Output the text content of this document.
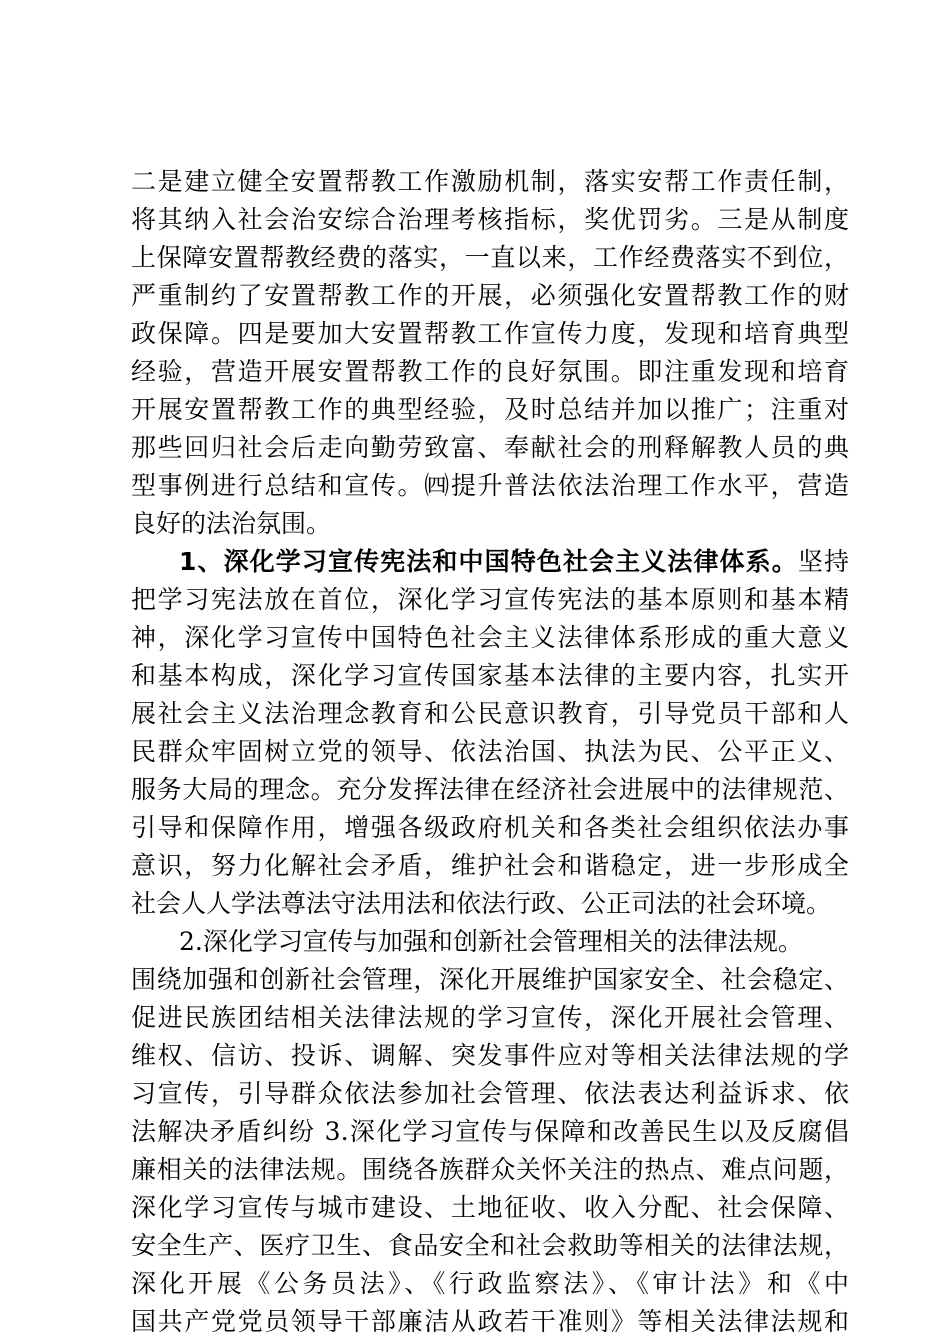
二是建立健全安置帮教工作激励机制，落实安帮工作责任制，
将其纳入社会治安综合治理考核指标，奖优罚劣。三是从制度
上保障安置帮教经费的落实，一直以来，工作经费落实不到位，
严重制约了安置帮教工作的开展，必须强化安置帮教工作的财
政保障。四是要加大安置帮教工作宣传力度，发现和培育典型
经验，营造开展安置帮教工作的良好氛围。即注重发现和培育
开展安置帮教工作的典型经验，及时总结并加以推广；注重对
那些回归社会后走向勤劳致富、奉献社会的刑释解教人员的典
型事例进行总结和宣传。㈣提升普法依法治理工作水平，营造
良好的法治氛围。
1、深化学习宣传宪法和中国特色社会主义法律体系。坚持
把学习宪法放在首位，深化学习宣传宪法的基本原则和基本精
神，深化学习宣传中国特色社会主义法律体系形成的重大意义
和基本构成，深化学习宣传国家基本法律的主要内容，扎实开
展社会主义法治理念教育和公民意识教育，引导党员干部和人
民群众牢固树立党的领导、依法治国、执法为民、公平正义、
服务大局的理念。充分发挥法律在经济社会进展中的法律规范、
引导和保障作用，增强各级政府机关和各类社会组织依法办事
意识，努力化解社会矛盾，维护社会和谐稳定，进一步形成全
社会人人学法尊法守法用法和依法行政、公正司法的社会环境。
2.深化学习宣传与加强和创新社会管理相关的法律法规。
围绕加强和创新社会管理，深化开展维护国家安全、社会稳定、
促进民族团结相关法律法规的学习宣传，深化开展社会管理、
维权、信访、投诉、调解、突发事件应对等相关法律法规的学
习宣传，引导群众依法参加社会管理、依法表达利益诉求、依
法解决矛盾纠纷 3.深化学习宣传与保障和改善民生以及反腐倡
廉相关的法律法规。围绕各族群众关怀关注的热点、难点问题，
深化学习宣传与城市建设、土地征收、收入分配、社会保障、
安全生产、医疗卫生、食品安全和社会救助等相关的法律法规，
深化开展《公务员法》、《行政监察法》、《审计法》和《中
国共产党党员领导干部廉洁从政若干准则》等相关法律法规和
